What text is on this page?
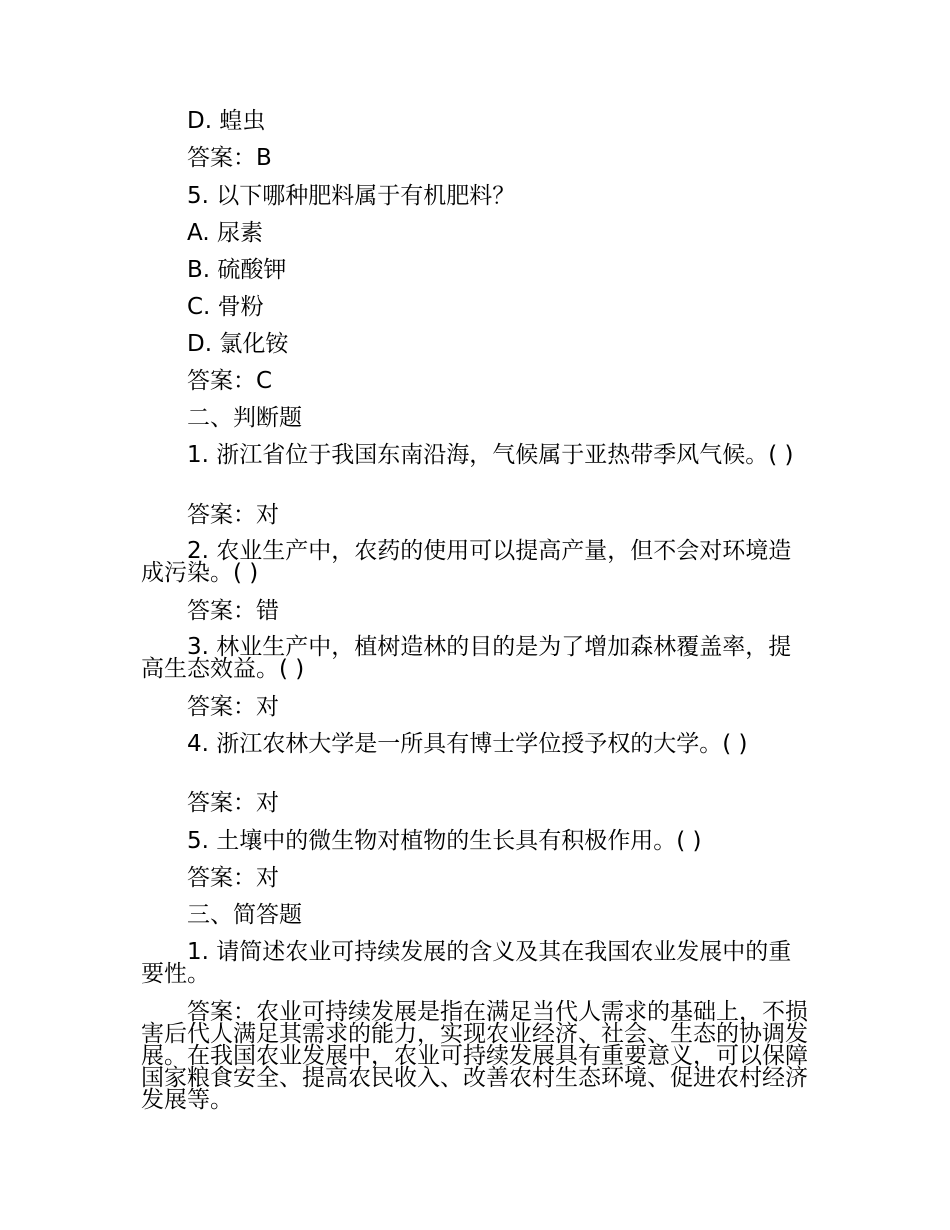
D. 蝗虫
答案：B
5. 以下哪种肥料属于有机肥料？
A. 尿素
B. 硫酸钾
C. 骨粉
D. 氯化铵
答案：C
二、判断题
1. 浙江省位于我国东南沿海，气候属于亚热带季风气候。( )
答案：对
2. 农业生产中，农药的使用可以提高产量，但不会对环境造成污染。( )
答案：错
3. 林业生产中，植树造林的目的是为了增加森林覆盖率，提高生态效益。( )
答案：对
4. 浙江农林大学是一所具有博士学位授予权的大学。( )
答案：对
5. 土壤中的微生物对植物的生长具有积极作用。( )
答案：对
三、简答题
1. 请简述农业可持续发展的含义及其在我国农业发展中的重要性。
答案：农业可持续发展是指在满足当代人需求的基础上，不损害后代人满足其需求的能力，实现农业经济、社会、生态的协调发展。在我国农业发展中，农业可持续发展具有重要意义，可以保障国家粮食安全、提高农民收入、改善农村生态环境、促进农村经济发展等。
